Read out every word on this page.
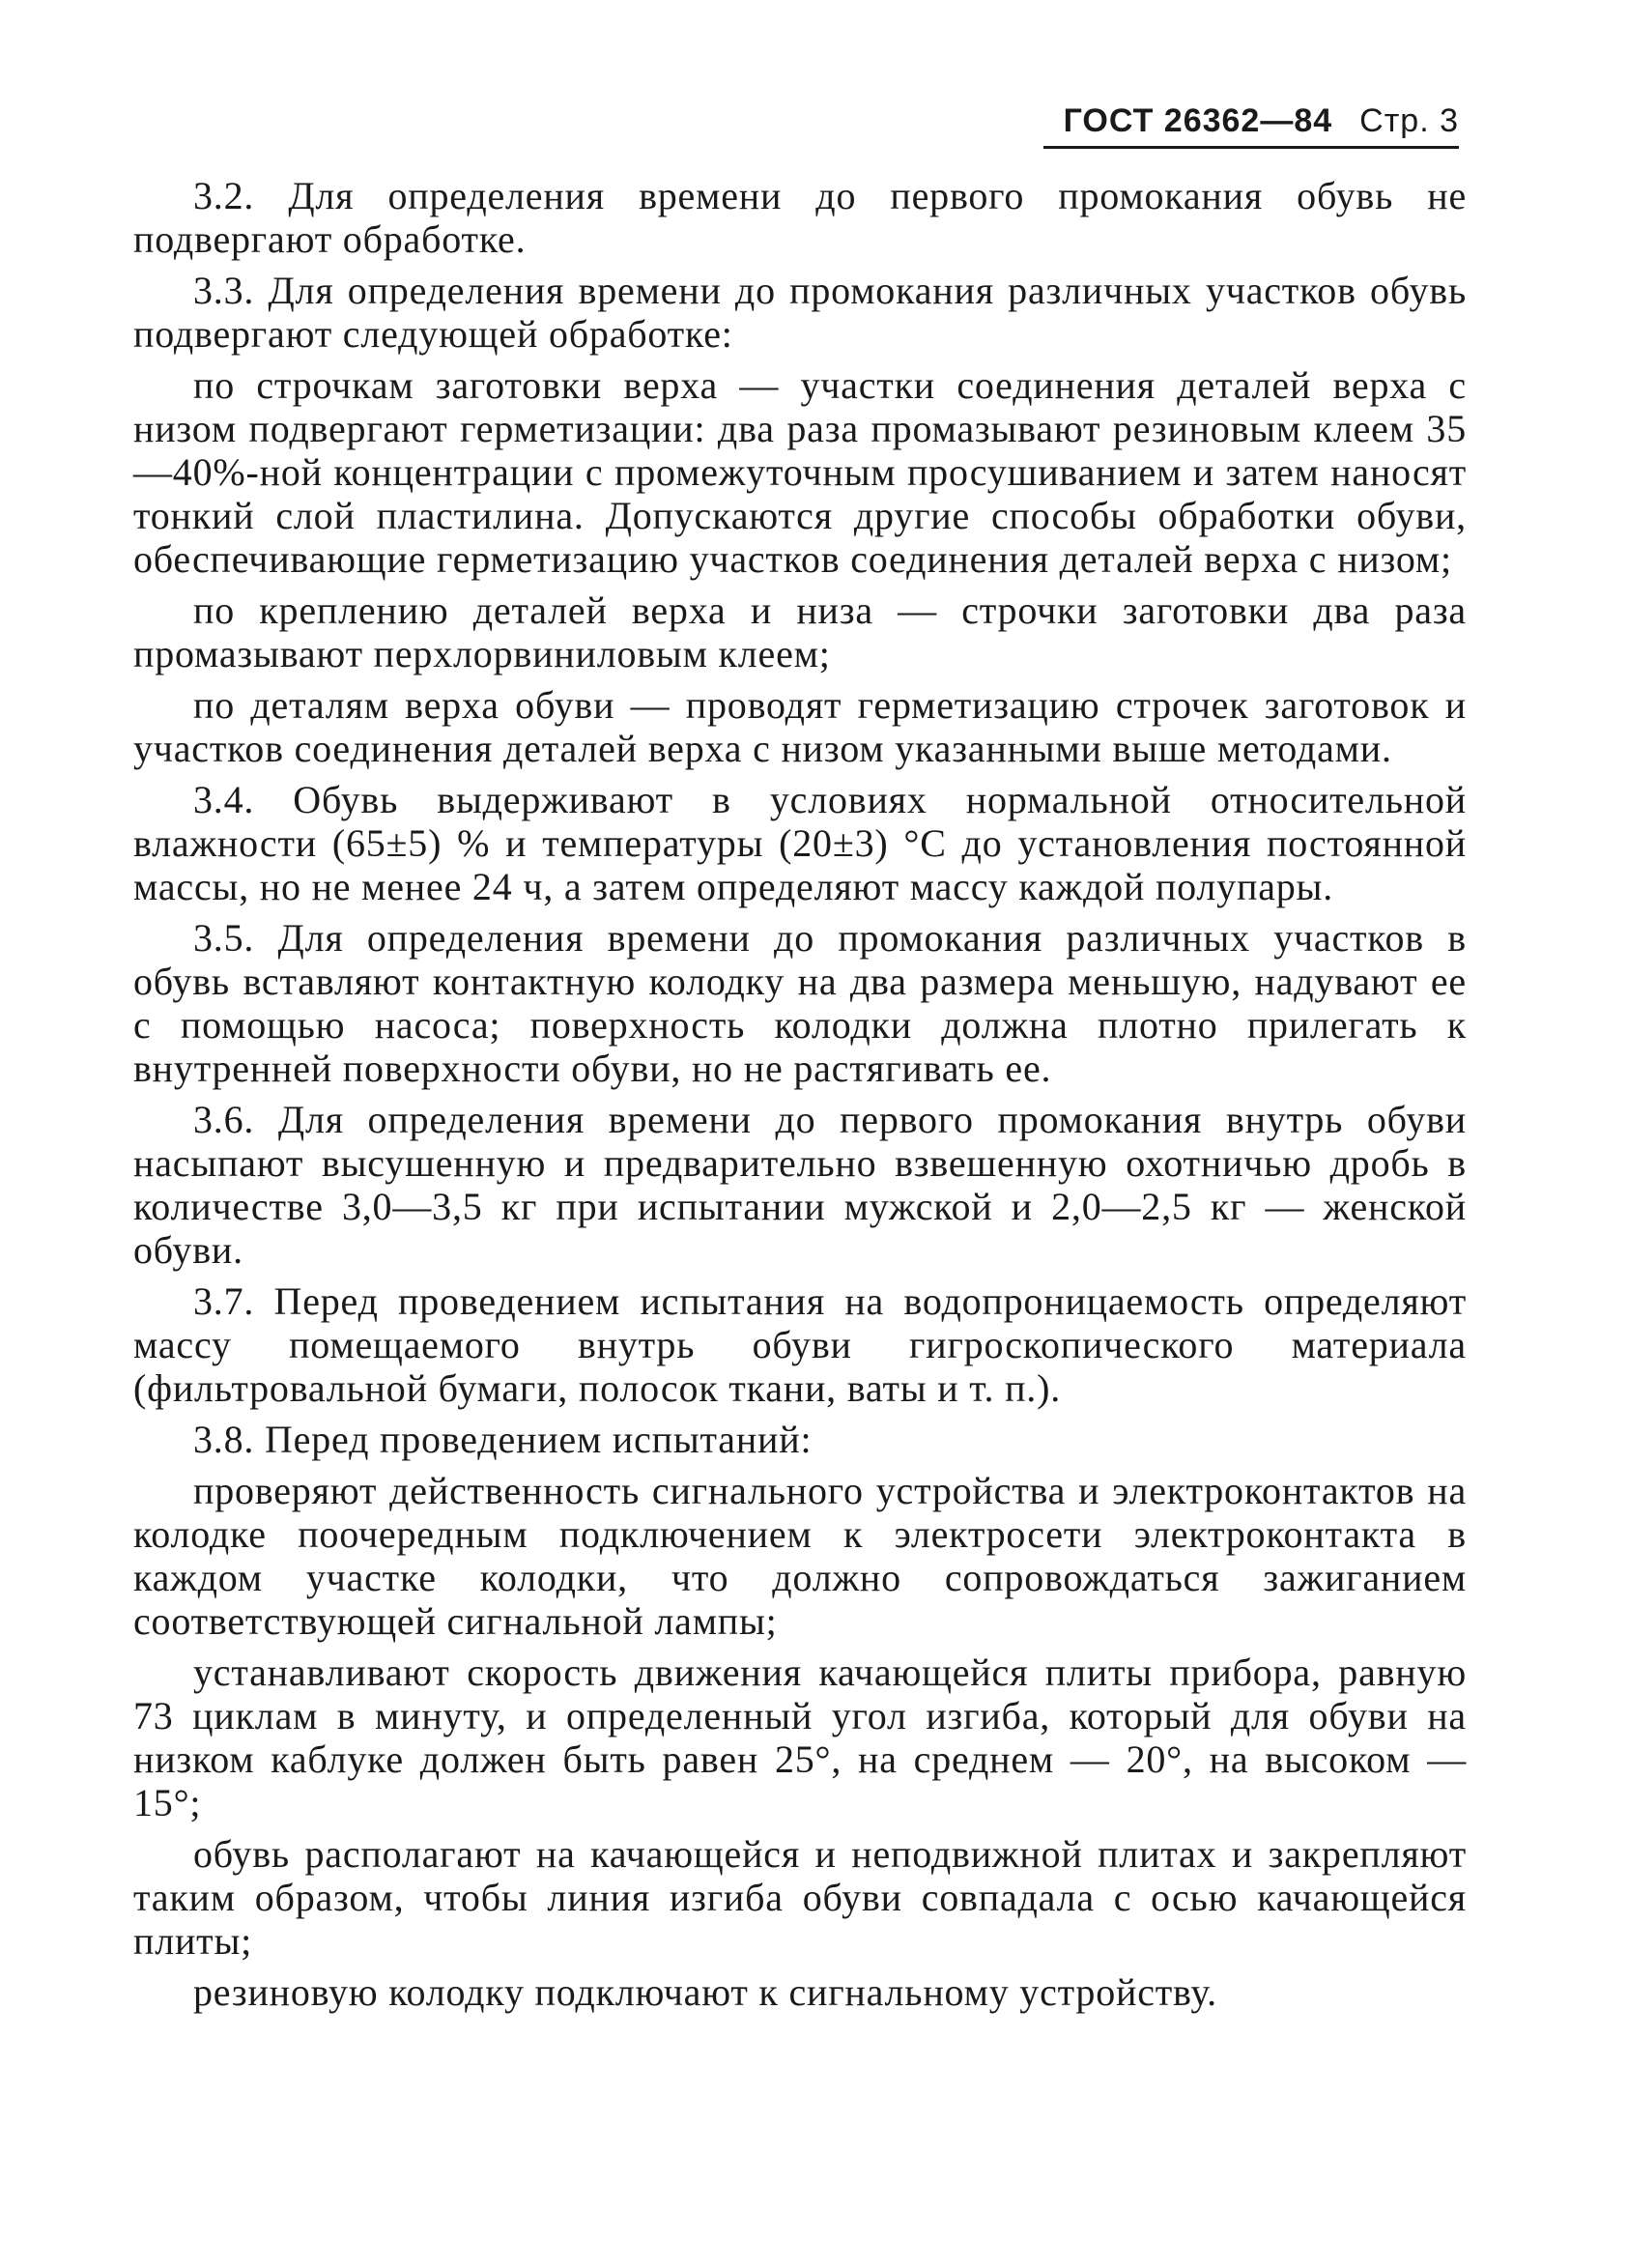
ГОСТ 26362—84 Стр. 3

3.2. Для определения времени до первого промокания обувь не подвергают обработке.

3.3. Для определения времени до промокания различных участков обувь подвергают следующей обработке:

по строчкам заготовки верха — участки соединения деталей верха с низом подвергают герметизации: два раза промазывают резиновым клеем 35—40%-ной концентрации с промежуточным просушиванием и затем наносят тонкий слой пластилина. Допускаются другие способы обработки обуви, обеспечивающие герметизацию участков соединения деталей верха с низом;

по креплению деталей верха и низа — строчки заготовки два раза промазывают перхлорвиниловым клеем;

по деталям верха обуви — проводят герметизацию строчек заготовок и участков соединения деталей верха с низом указанными выше методами.

3.4. Обувь выдерживают в условиях нормальной относительной влажности (65±5) % и температуры (20±3) °С до установления постоянной массы, но не менее 24 ч, а затем определяют массу каждой полупары.

3.5. Для определения времени до промокания различных участков в обувь вставляют контактную колодку на два размера меньшую, надувают ее с помощью насоса; поверхность колодки должна плотно прилегать к внутренней поверхности обуви, но не растягивать ее.

3.6. Для определения времени до первого промокания внутрь обуви насыпают высушенную и предварительно взвешенную охотничью дробь в количестве 3,0—3,5 кг при испытании мужской и 2,0—2,5 кг — женской обуви.

3.7. Перед проведением испытания на водопроницаемость определяют массу помещаемого внутрь обуви гигроскопического материала (фильтровальной бумаги, полосок ткани, ваты и т. п.).

3.8. Перед проведением испытаний:

проверяют действенность сигнального устройства и электроконтактов на колодке поочередным подключением к электросети электроконтакта в каждом участке колодки, что должно сопровождаться зажиганием соответствующей сигнальной лампы;

устанавливают скорость движения качающейся плиты прибора, равную 73 циклам в минуту, и определенный угол изгиба, который для обуви на низком каблуке должен быть равен 25°, на среднем — 20°, на высоком — 15°;

обувь располагают на качающейся и неподвижной плитах и закрепляют таким образом, чтобы линия изгиба обуви совпадала с осью качающейся плиты;

резиновую колодку подключают к сигнальному устройству.
